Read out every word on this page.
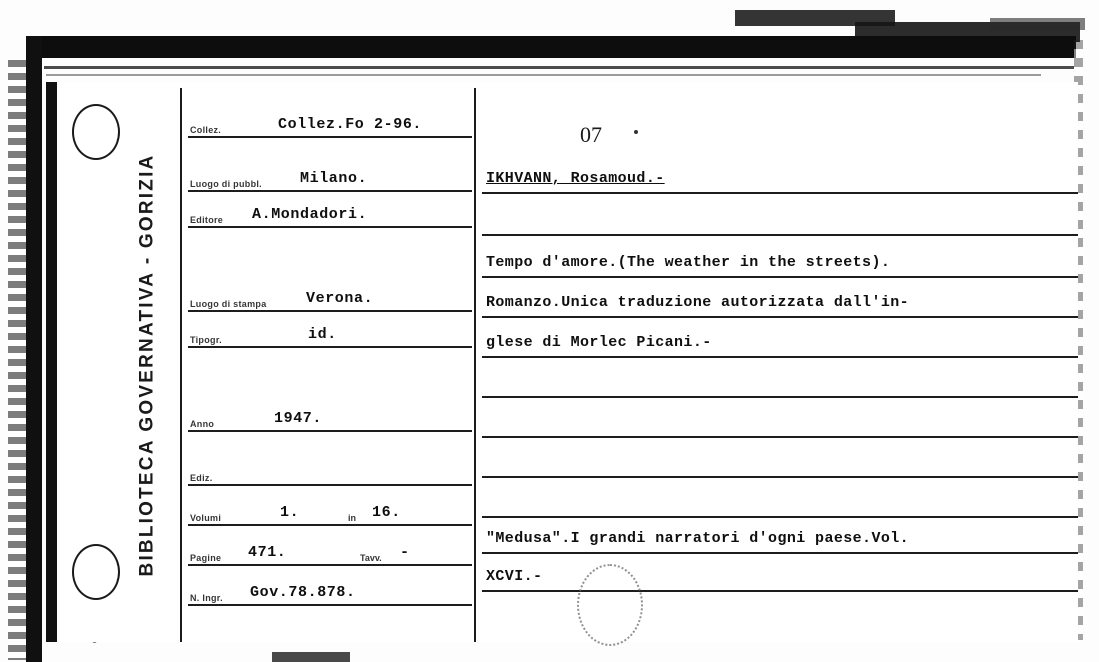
BIBLIOTECA GOVERNATIVA - GORIZIA
Collez.	Collez.Fo 2-96.
Luogo di pubbl.	Milano.
Editore A.Mondadori.
Luogo di stampa	Verona.
Tipogr.	id.
Anno	1947.
Ediz.
Volumi	1.	in 16.
Pagine 471.	Tavv. -
N. Ingr. Gov.78.878.
07
IKHVANN, Rosamoud.-
Tempo d'amore.(The weather in the streets).
Romanzo.Unica traduzione autorizzata dall'in-
glese di Morlec Picani.-
"Medusa".I grandi narratori d'ogni paese.Vol.
XCVI.-
